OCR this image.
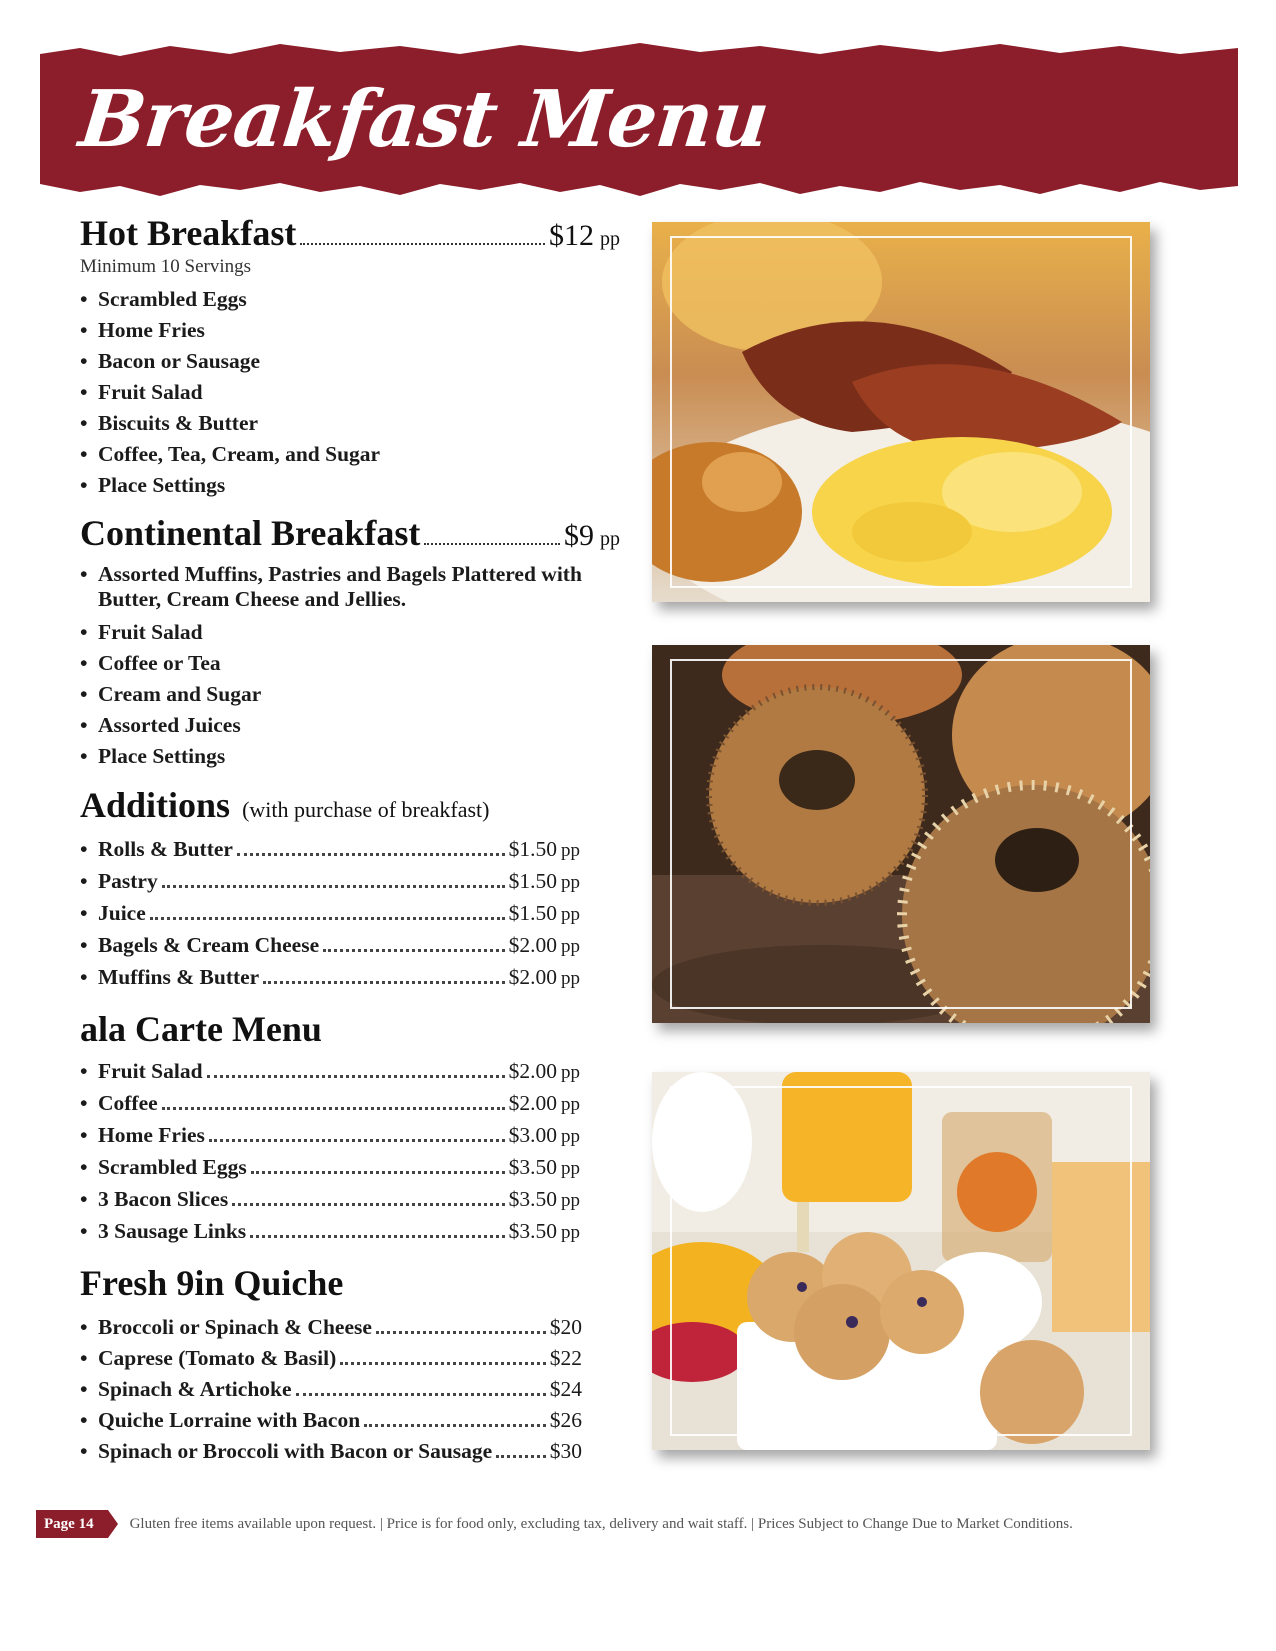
Breakfast Menu
Hot Breakfast	$12 pp
Minimum 10 Servings
• Scrambled Eggs
• Home Fries
• Bacon or Sausage
• Fruit Salad
• Biscuits & Butter
• Coffee, Tea, Cream, and Sugar
• Place Settings
Continental Breakfast	$9 pp
• Assorted Muffins, Pastries and Bagels Plattered with Butter, Cream Cheese and Jellies.
• Fruit Salad
• Coffee or Tea
• Cream and Sugar
• Assorted Juices
• Place Settings
Additions (with purchase of breakfast)
• Rolls & Butter	$1.50 pp
• Pastry	$1.50 pp
• Juice	$1.50 pp
• Bagels & Cream Cheese	$2.00 pp
• Muffins & Butter	$2.00 pp
ala Carte Menu
• Fruit Salad	$2.00 pp
• Coffee	$2.00 pp
• Home Fries	$3.00 pp
• Scrambled Eggs	$3.50 pp
• 3 Bacon Slices	$3.50 pp
• 3 Sausage Links	$3.50 pp
Fresh 9in Quiche
• Broccoli or Spinach & Cheese	$20
• Caprese (Tomato & Basil)	$22
• Spinach & Artichoke	$24
• Quiche Lorraine with Bacon	$26
• Spinach or Broccoli with Bacon or Sausage	$30
Page 14	Gluten free items available upon request. | Price is for food only, excluding tax, delivery and wait staff. | Prices Subject to Change Due to Market Conditions.
